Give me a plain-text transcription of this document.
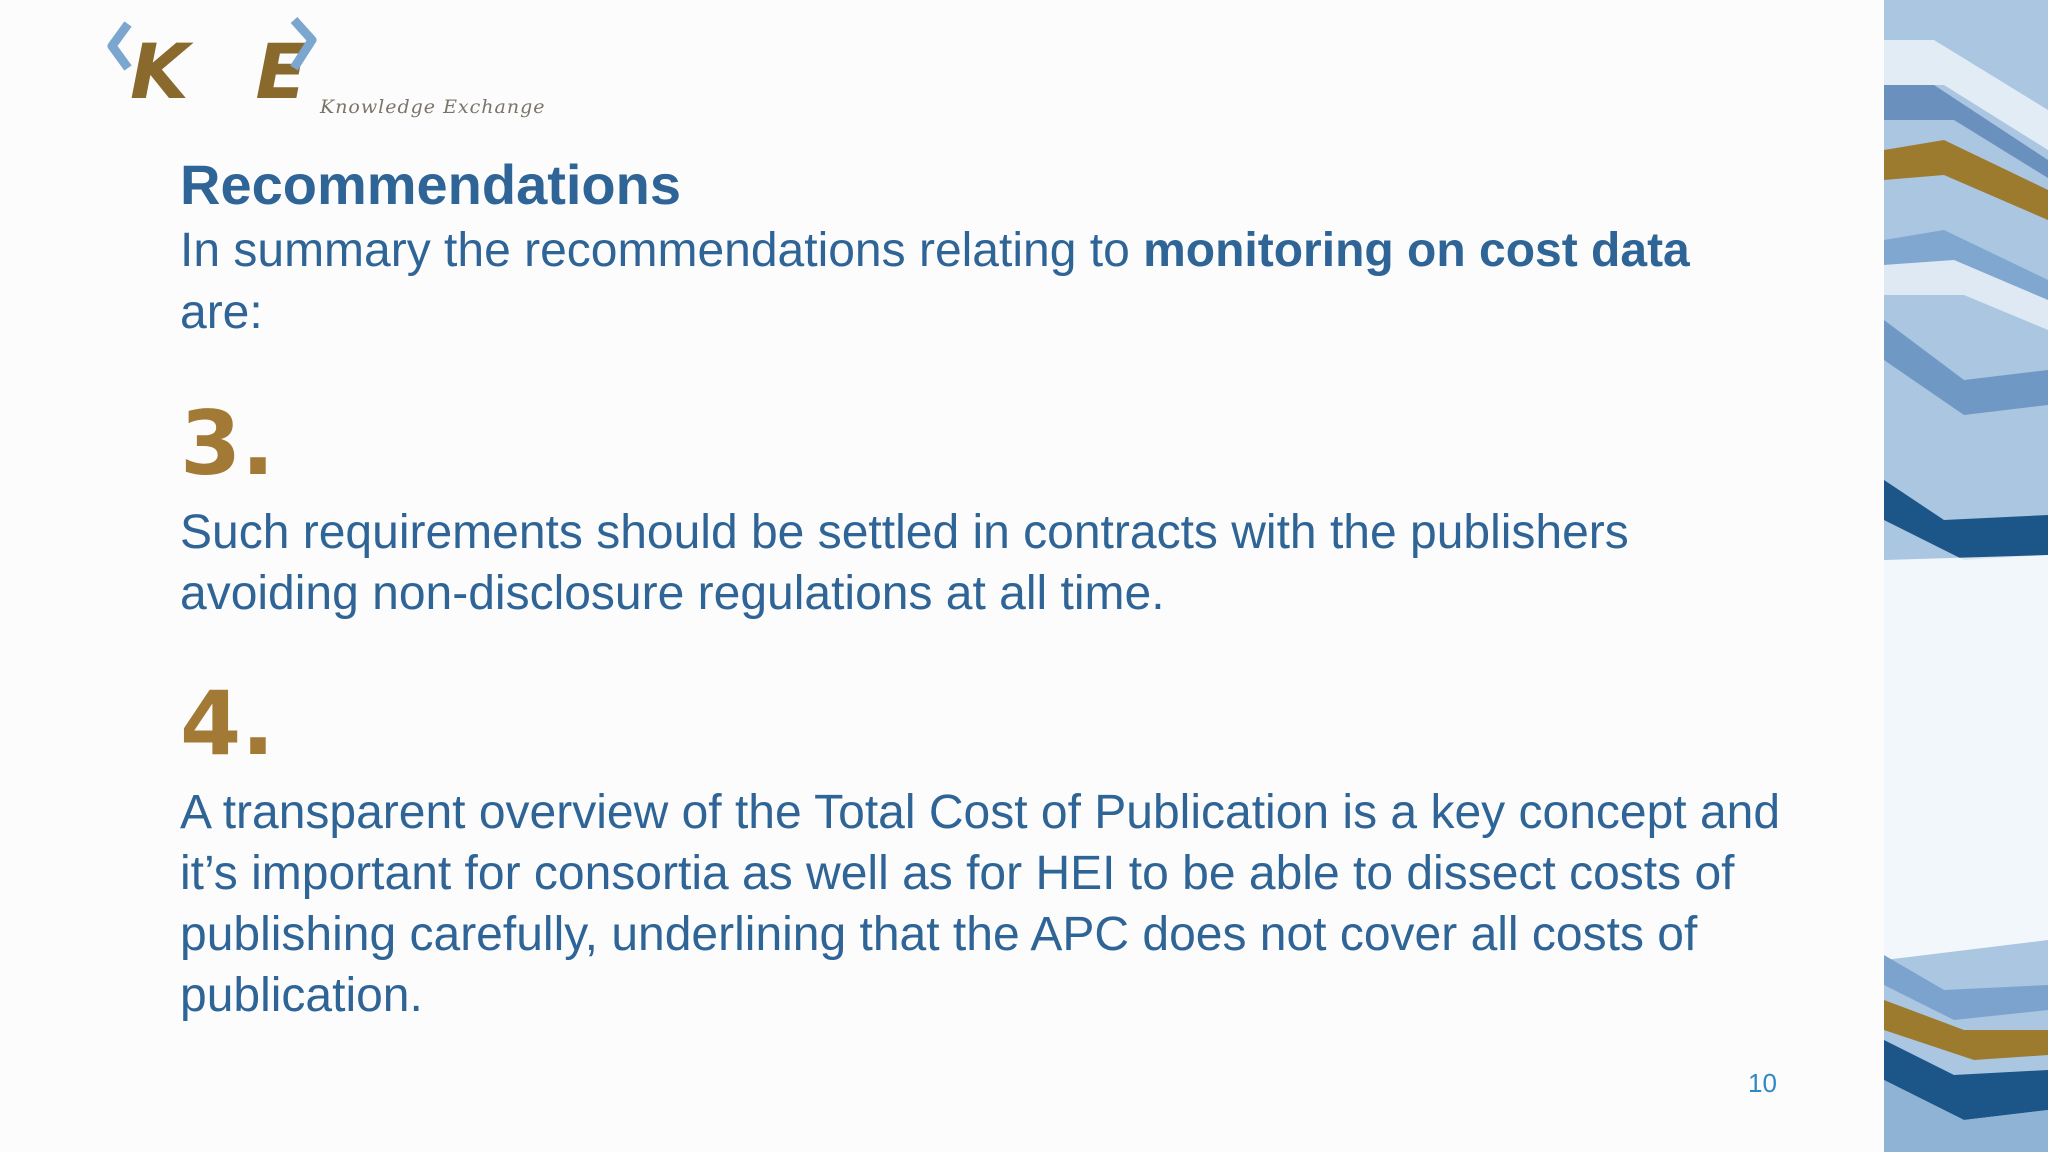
K E
Knowledge Exchange
Recommendations

In summary the recommendations relating to monitoring on cost data
are:

3.

Such requirements should be settled in contracts with the publishers avoiding non-disclosure regulations at all time.

4.

A transparent overview of the Total Cost of Publication is a key concept and it’s important for consortia as well as for HEI to be able to dissect costs of publishing carefully, underlining that the APC does not cover all costs of publication.

10
